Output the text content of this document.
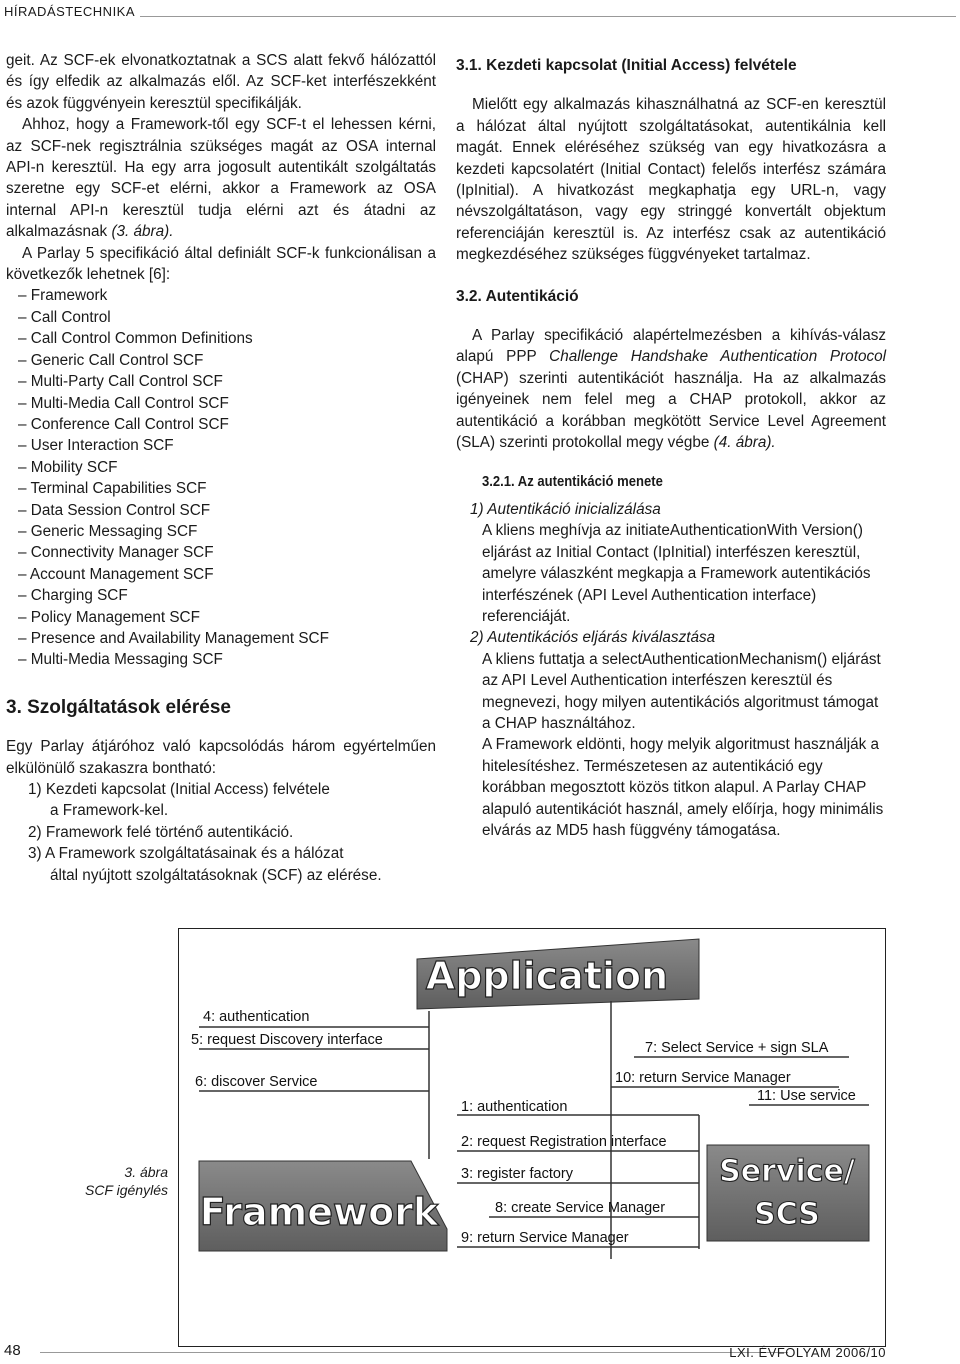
HÍRADÁSTECHNIKA

geit. Az SCF-ek elvonatkoztatnak a SCS alatt fekvő hálózattól és így elfedik az alkalmazás elől. Az SCF-ket interfészekként és azok függvényein keresztül specifikálják.

Ahhoz, hogy a Framework-től egy SCF-t el lehessen kérni, az SCF-nek regisztrálnia szükséges magát az OSA internal API-n keresztül. Ha egy arra jogosult autentikált szolgáltatás szeretne egy SCF-et elérni, akkor a Framework az OSA internal API-n keresztül tudja elérni azt és átadni az alkalmazásnak (3. ábra).

A Parlay 5 specifikáció által definiált SCF-k funkcionálisan a következők lehetnek [6]:

– Framework
– Call Control
– Call Control Common Definitions
– Generic Call Control SCF
– Multi-Party Call Control SCF
– Multi-Media Call Control SCF
– Conference Call Control SCF
– User Interaction SCF
– Mobility SCF
– Terminal Capabilities SCF
– Data Session Control SCF
– Generic Messaging SCF
– Connectivity Manager SCF
– Account Management SCF
– Charging SCF
– Policy Management SCF
– Presence and Availability Management SCF
– Multi-Media Messaging SCF
3. Szolgáltatások elérése

Egy Parlay átjáróhoz való kapcsolódás három egyértelműen elkülönülő szakaszra bontható:

1) Kezdeti kapcsolat (Initial Access) felvétele
a Framework-kel.
2) Framework felé történő autentikáció.
3) A Framework szolgáltatásainak és a hálózat
által nyújtott szolgáltatásoknak (SCF) az elérése.
3.1. Kezdeti kapcsolat (Initial Access) felvétele

Mielőtt egy alkalmazás kihasználhatná az SCF-en keresztül a hálózat által nyújtott szolgáltatásokat, autentikálnia kell magát. Ennek eléréséhez szükség van egy hivatkozásra a kezdeti kapcsolatért (Initial Contact) felelős interfész számára (IpInitial). A hivatkozást megkaphatja egy URL-n, vagy névszolgáltatáson, vagy egy stringgé konvertált objektum referenciáján keresztül is. Az interfész csak az autentikáció megkezdéséhez szükséges függvényeket tartalmaz.

3.2. Autentikáció

A Parlay specifikáció alapértelmezésben a kihívás-válasz alapú PPP Challenge Handshake Authentication Protocol (CHAP) szerinti autentikációt használja. Ha az alkalmazás igényeinek nem felel meg a CHAP protokoll, akkor az autentikáció a korábban megkötött Service Level Agreement (SLA) szerinti protokollal megy végbe (4. ábra).

3.2.1. Az autentikáció menete

1) Autentikáció inicializálása

A kliens meghívja az initiateAuthenticationWith Version() eljárást az Initial Contact (IpInitial) interfészen keresztül, amelyre válaszként megkapja a Framework autentikációs interfészének (API Level Authentication interface) referenciáját.

2) Autentikációs eljárás kiválasztása

A kliens futtatja a selectAuthenticationMechanism() eljárást az API Level Authentication interfészen keresztül és megnevezi, hogy milyen autentikációs algoritmust támogat a CHAP használtához.

A Framework eldönti, hogy melyik algoritmust használják a hitelesítéshez. Természetesen az autentikáció egy korábban megosztott közös titkon alapul. A Parlay CHAP alapuló autentikációt használ, amely előírja, hogy minimális elvárás az MD5 hash függvény támogatása.

3. ábra
SCF igénylés
Application
Framework
Service/
SCS
4: authentication
5: request Discovery interface
6: discover Service
7: Select Service + sign SLA
10: return Service Manager
11: Use service
1: authentication
2: request Registration interface
3: register factory
8: create Service Manager
9: return Service Manager
48	LXI. ÉVFOLYAM 2006/10
